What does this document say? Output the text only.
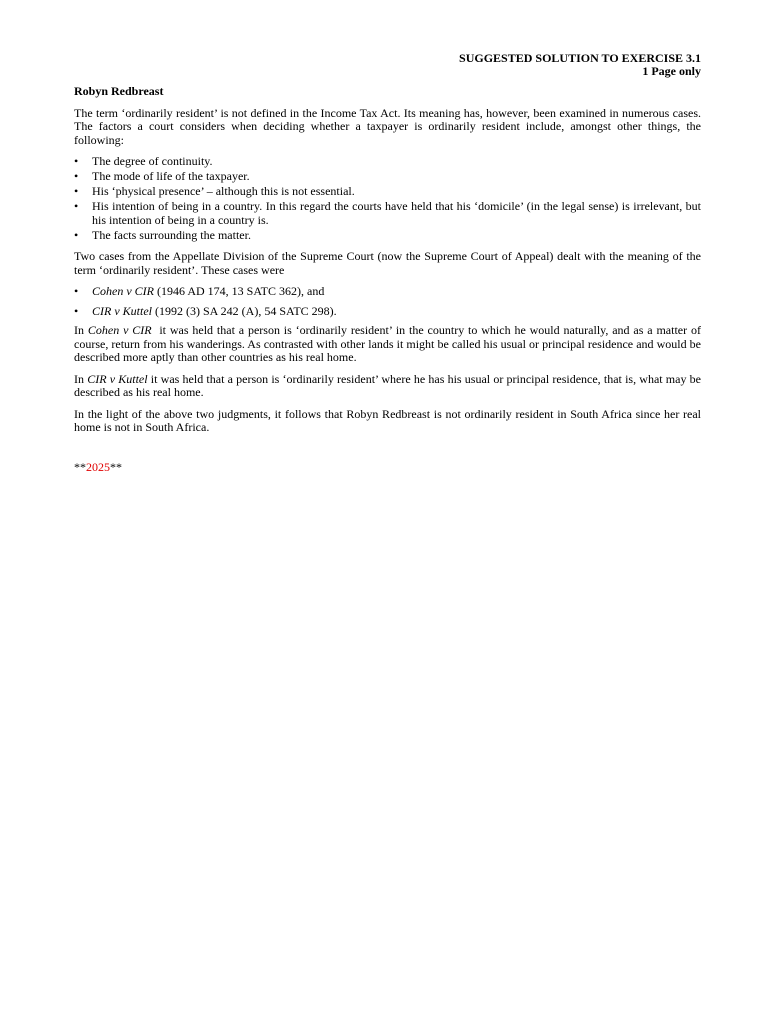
SUGGESTED SOLUTION TO EXERCISE 3.1
1 Page only
Robyn Redbreast

The term ‘ordinarily resident’ is not defined in the Income Tax Act. Its meaning has, however, been examined in numerous cases. The factors a court considers when deciding whether a taxpayer is ordinarily resident include, amongst other things, the following:

• The degree of continuity.
• The mode of life of the taxpayer.
• His ‘physical presence’ – although this is not essential.
• His intention of being in a country. In this regard the courts have held that his ‘domicile’ (in the legal sense) is irrelevant, but his intention of being in a country is.
• The facts surrounding the matter.

Two cases from the Appellate Division of the Supreme Court (now the Supreme Court of Appeal) dealt with the meaning of the term ‘ordinarily resident’. These cases were

• Cohen v CIR (1946 AD 174, 13 SATC 362), and
• CIR v Kuttel (1992 (3) SA 242 (A), 54 SATC 298).

In Cohen v CIR  it was held that a person is ‘ordinarily resident’ in the country to which he would naturally, and as a matter of course, return from his wanderings. As contrasted with other lands it might be called his usual or principal residence and would be described more aptly than other countries as his real home.

In CIR v Kuttel it was held that a person is ‘ordinarily resident’ where he has his usual or principal residence, that is, what may be described as his real home.

In the light of the above two judgments, it follows that Robyn Redbreast is not ordinarily resident in South Africa since her real home is not in South Africa.

**2025**
